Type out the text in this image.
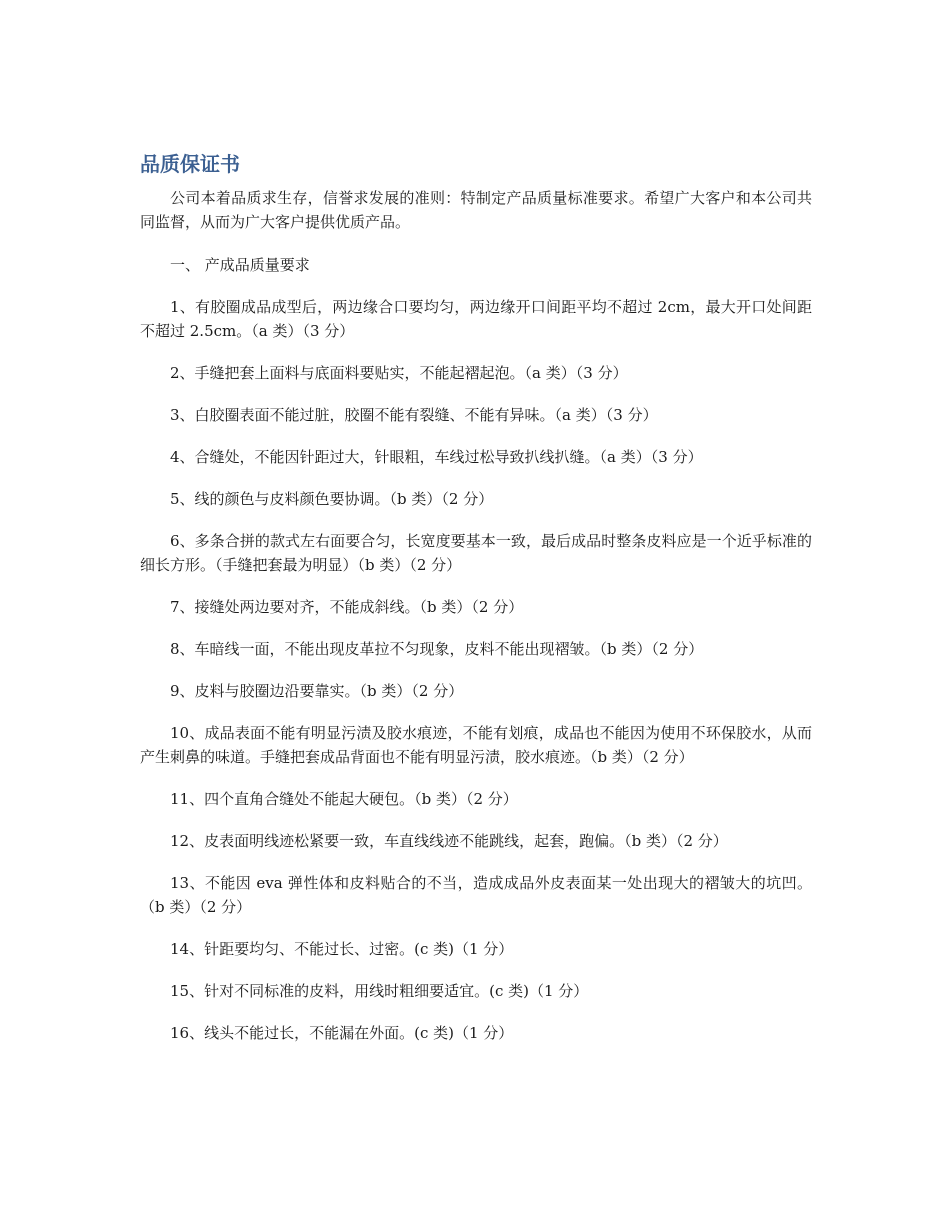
品质保证书

公司本着品质求生存，信誉求发展的准则：特制定产品质量标准要求。希望广大客户和本公司共同监督，从而为广大客户提供优质产品。

一、 产成品质量要求

1、有胶圈成品成型后，两边缘合口要均匀，两边缘开口间距平均不超过 2cm，最大开口处间距不超过 2.5cm。（a 类）（3 分）

2、手缝把套上面料与底面料要贴实，不能起褶起泡。（a 类）（3 分）

3、白胶圈表面不能过脏，胶圈不能有裂缝、不能有异味。（a 类）（3 分）

4、合缝处，不能因针距过大，针眼粗，车线过松导致扒线扒缝。（a 类）（3 分）

5、线的颜色与皮料颜色要协调。（b 类）（2 分）

6、多条合拼的款式左右面要合匀，长宽度要基本一致，最后成品时整条皮料应是一个近乎标准的细长方形。（手缝把套最为明显）（b 类）（2 分）

7、接缝处两边要对齐，不能成斜线。（b 类）（2 分）

8、车暗线一面，不能出现皮革拉不匀现象，皮料不能出现褶皱。（b 类）（2 分）

9、皮料与胶圈边沿要靠实。（b 类）（2 分）

10、成品表面不能有明显污渍及胶水痕迹，不能有划痕，成品也不能因为使用不环保胶水，从而产生刺鼻的味道。手缝把套成品背面也不能有明显污渍，胶水痕迹。（b 类）（2 分）

11、四个直角合缝处不能起大硬包。（b 类）（2 分）

12、皮表面明线迹松紧要一致，车直线线迹不能跳线，起套，跑偏。（b 类）（2 分）

13、不能因 eva 弹性体和皮料贴合的不当，造成成品外皮表面某一处出现大的褶皱大的坑凹。（b 类）（2 分）

14、针距要均匀、不能过长、过密。(c 类)（1 分）

15、针对不同标准的皮料，用线时粗细要适宜。(c 类)（1 分）

16、线头不能过长，不能漏在外面。(c 类)（1 分）
